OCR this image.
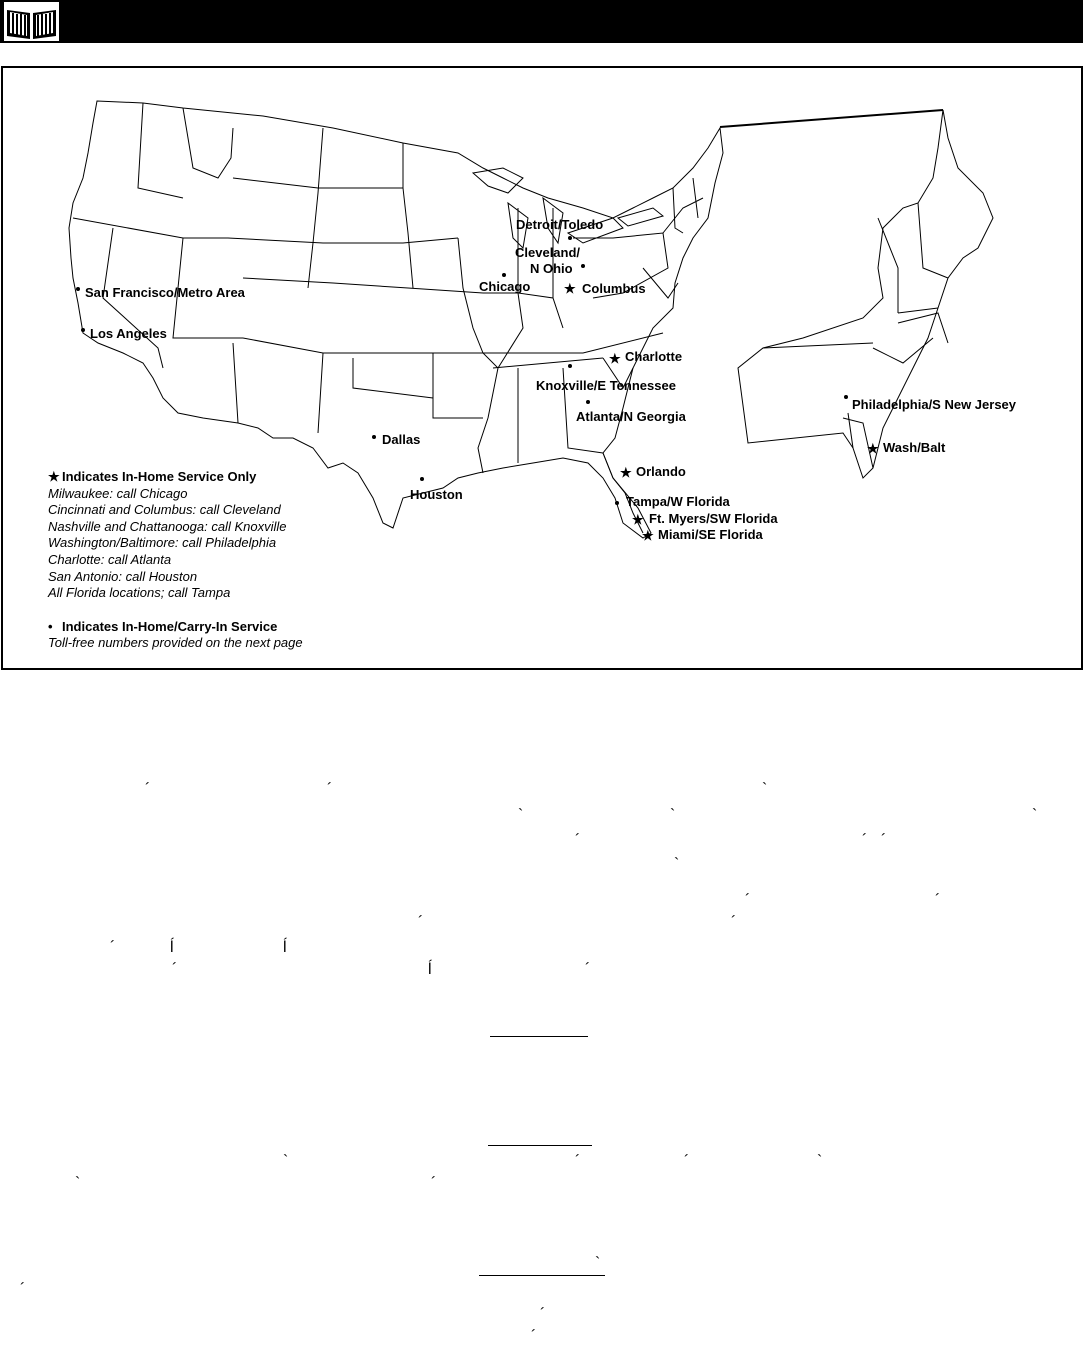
Detroit/Toledo
Cleveland/
N Ohio
Chicago	★ Columbus
San Francisco/Metro Area
Los Angeles
★ Charlotte
Knoxville/E Tennessee
Atlanta/N Georgia
Dallas
Houston
★ Orlando
Tampa/W Florida
★ Ft. Myers/SW Florida
★ Miami/SE Florida
Philadelphia/S New Jersey
★ Wash/Balt
★ Indicates In-Home Service Only
Milwaukee: call Chicago
Cincinnati and Columbus: call Cleveland
Nashville and Chattanooga: call Knoxville
Washington/Baltimore: call Philadelphia
Charlotte: call Atlanta
San Antonio: call Houston
All Florida locations; call Tampa
• Indicates In-Home/Carry-In Service
Toll-free numbers provided on the next page
´	´	`
`	`	`
´	´ ´
`
´	´
´	´
´	ĺ	ĺ
´	ĺ	´
`	´	´	`
`	´
`
´
´
´
